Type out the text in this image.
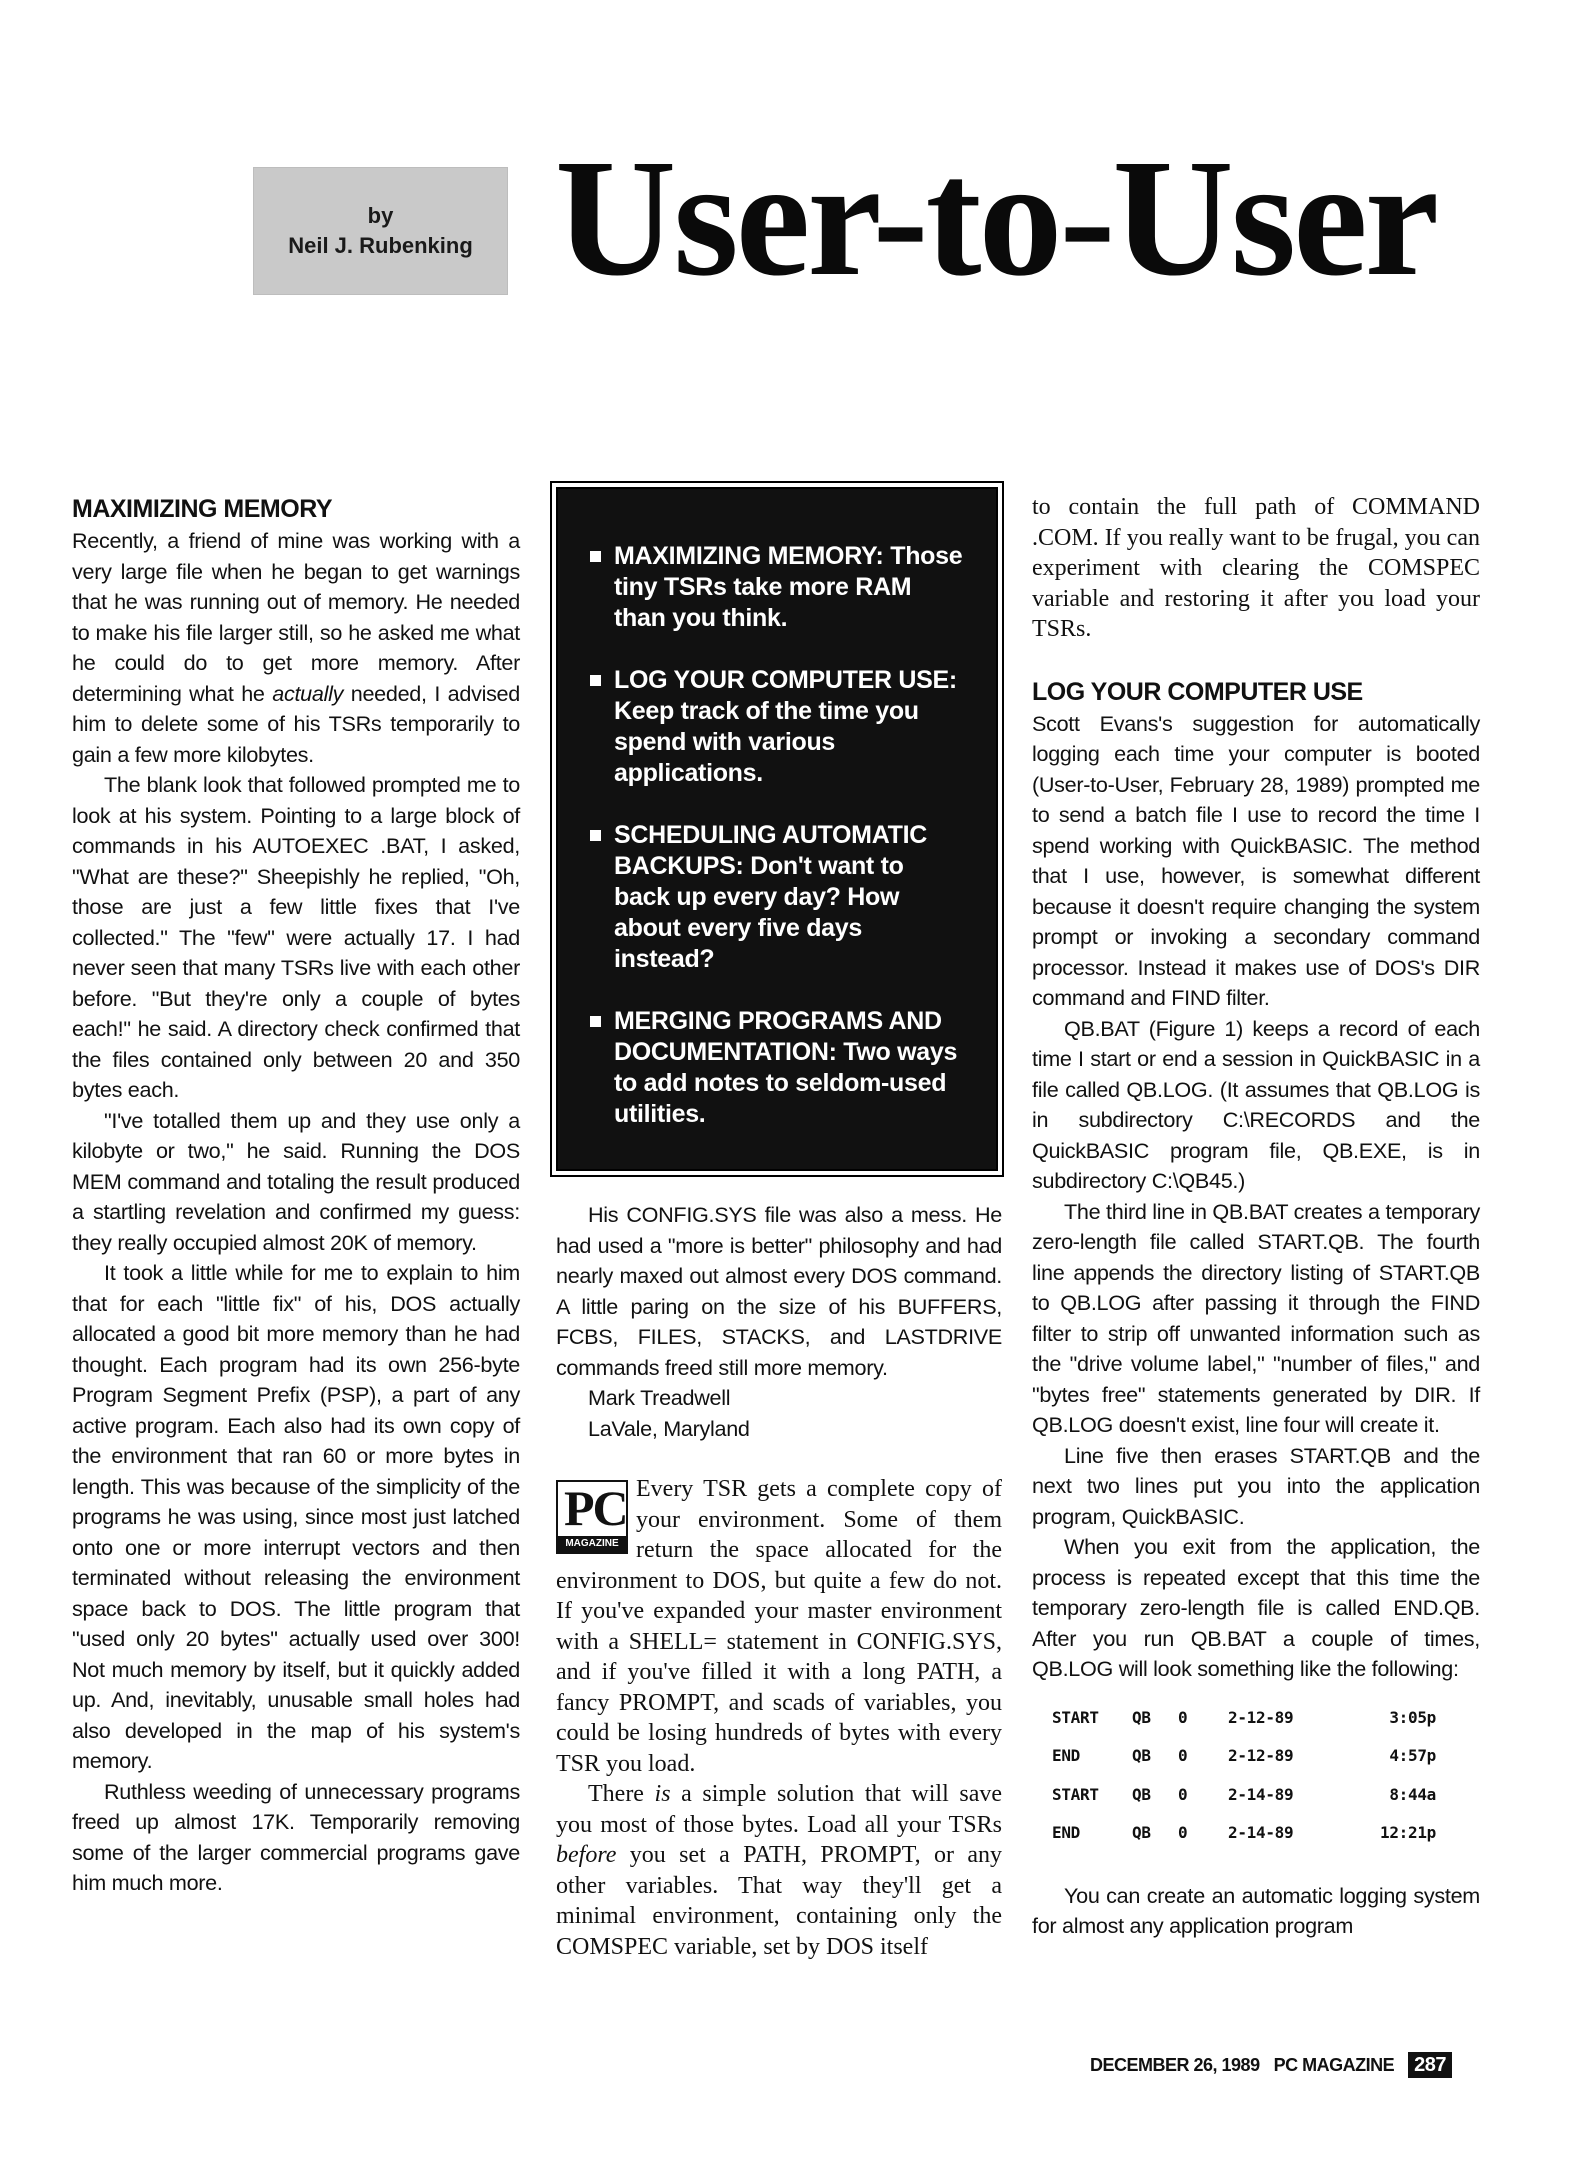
by
Neil J. Rubenking User-to-User
MAXIMIZING MEMORY

Recently, a friend of mine was working with a very large file when he began to get warnings that he was running out of memory. He needed to make his file larger still, so he asked me what he could do to get more memory. After determining what he actually needed, I advised him to delete some of his TSRs temporarily to gain a few more kilobytes.

The blank look that followed prompted me to look at his system. Pointing to a large block of commands in his AUTOEXEC .BAT, I asked, "What are these?" Sheepishly he replied, "Oh, those are just a few little fixes that I've collected." The "few" were actually 17. I had never seen that many TSRs live with each other before. "But they're only a couple of bytes each!" he said. A directory check confirmed that the files contained only between 20 and 350 bytes each.

"I've totalled them up and they use only a kilobyte or two," he said. Running the DOS MEM command and totaling the result produced a startling revelation and confirmed my guess: they really occupied almost 20K of memory.

It took a little while for me to explain to him that for each "little fix" of his, DOS actually allocated a good bit more memory than he had thought. Each program had its own 256-byte Program Segment Prefix (PSP), a part of any active program. Each also had its own copy of the environment that ran 60 or more bytes in length. This was because of the simplicity of the programs he was using, since most just latched onto one or more interrupt vectors and then terminated without releasing the environment space back to DOS. The little program that "used only 20 bytes" actually used over 300! Not much memory by itself, but it quickly added up. And, inevitably, unusable small holes had also developed in the map of his system's memory.

Ruthless weeding of unnecessary programs freed up almost 17K. Temporarily removing some of the larger commercial programs gave him much more.

MAXIMIZING MEMORY: Those tiny TSRs take more RAM than you think.
LOG YOUR COMPUTER USE: Keep track of the time you spend with various applications.
SCHEDULING AUTOMATIC BACKUPS: Don't want to back up every day? How about every five days instead?
MERGING PROGRAMS AND DOCUMENTATION: Two ways to add notes to seldom-used utilities.

His CONFIG.SYS file was also a mess. He had used a "more is better" philosophy and had nearly maxed out almost every DOS command. A little paring on the size of his BUFFERS, FCBS, FILES, STACKS, and LASTDRIVE commands freed still more memory.

Mark Treadwell

LaVale, Maryland

PC
MAGAZINE

Every TSR gets a complete copy of your environment. Some of them return the space allocated for the environment to DOS, but quite a few do not. If you've expanded your master environment with a SHELL= statement in CONFIG.SYS, and if you've filled it with a long PATH, a fancy PROMPT, and scads of variables, you could be losing hundreds of bytes with every TSR you load.

There is a simple solution that will save you most of those bytes. Load all your TSRs before you set a PATH, PROMPT, or any other variables. That way they'll get a minimal environment, containing only the COMSPEC variable, set by DOS itself

to contain the full path of COMMAND .COM. If you really want to be frugal, you can experiment with clearing the COMSPEC variable and restoring it after you load your TSRs.

LOG YOUR COMPUTER USE

Scott Evans's suggestion for automatically logging each time your computer is booted (User-to-User, February 28, 1989) prompted me to send a batch file I use to record the time I spend working with QuickBASIC. The method that I use, however, is somewhat different because it doesn't require changing the system prompt or invoking a secondary command processor. Instead it makes use of DOS's DIR command and FIND filter.

QB.BAT (Figure 1) keeps a record of each time I start or end a session in QuickBASIC in a file called QB.LOG. (It assumes that QB.LOG is in subdirectory C:\RECORDS and the QuickBASIC program file, QB.EXE, is in subdirectory C:\QB45.)

The third line in QB.BAT creates a temporary zero-length file called START.QB. The fourth line appends the directory listing of START.QB to QB.LOG after passing it through the FIND filter to strip off unwanted information such as the "drive volume label," "number of files," and "bytes free" statements generated by DIR. If QB.LOG doesn't exist, line four will create it.

Line five then erases START.QB and the next two lines put you into the application program, QuickBASIC.

When you exit from the application, the process is repeated except that this time the temporary zero-length file is called END.QB. After you run QB.BAT a couple of times, QB.LOG will look something like the following:

START	QB	0	2-12-89	3:05p
END	QB	0	2-12-89	4:57p
START	QB	0	2-14-89	8:44a
END	QB	0	2-14-89	12:21p

You can create an automatic logging system for almost any application program

DECEMBER 26, 1989 PC MAGAZINE	287
